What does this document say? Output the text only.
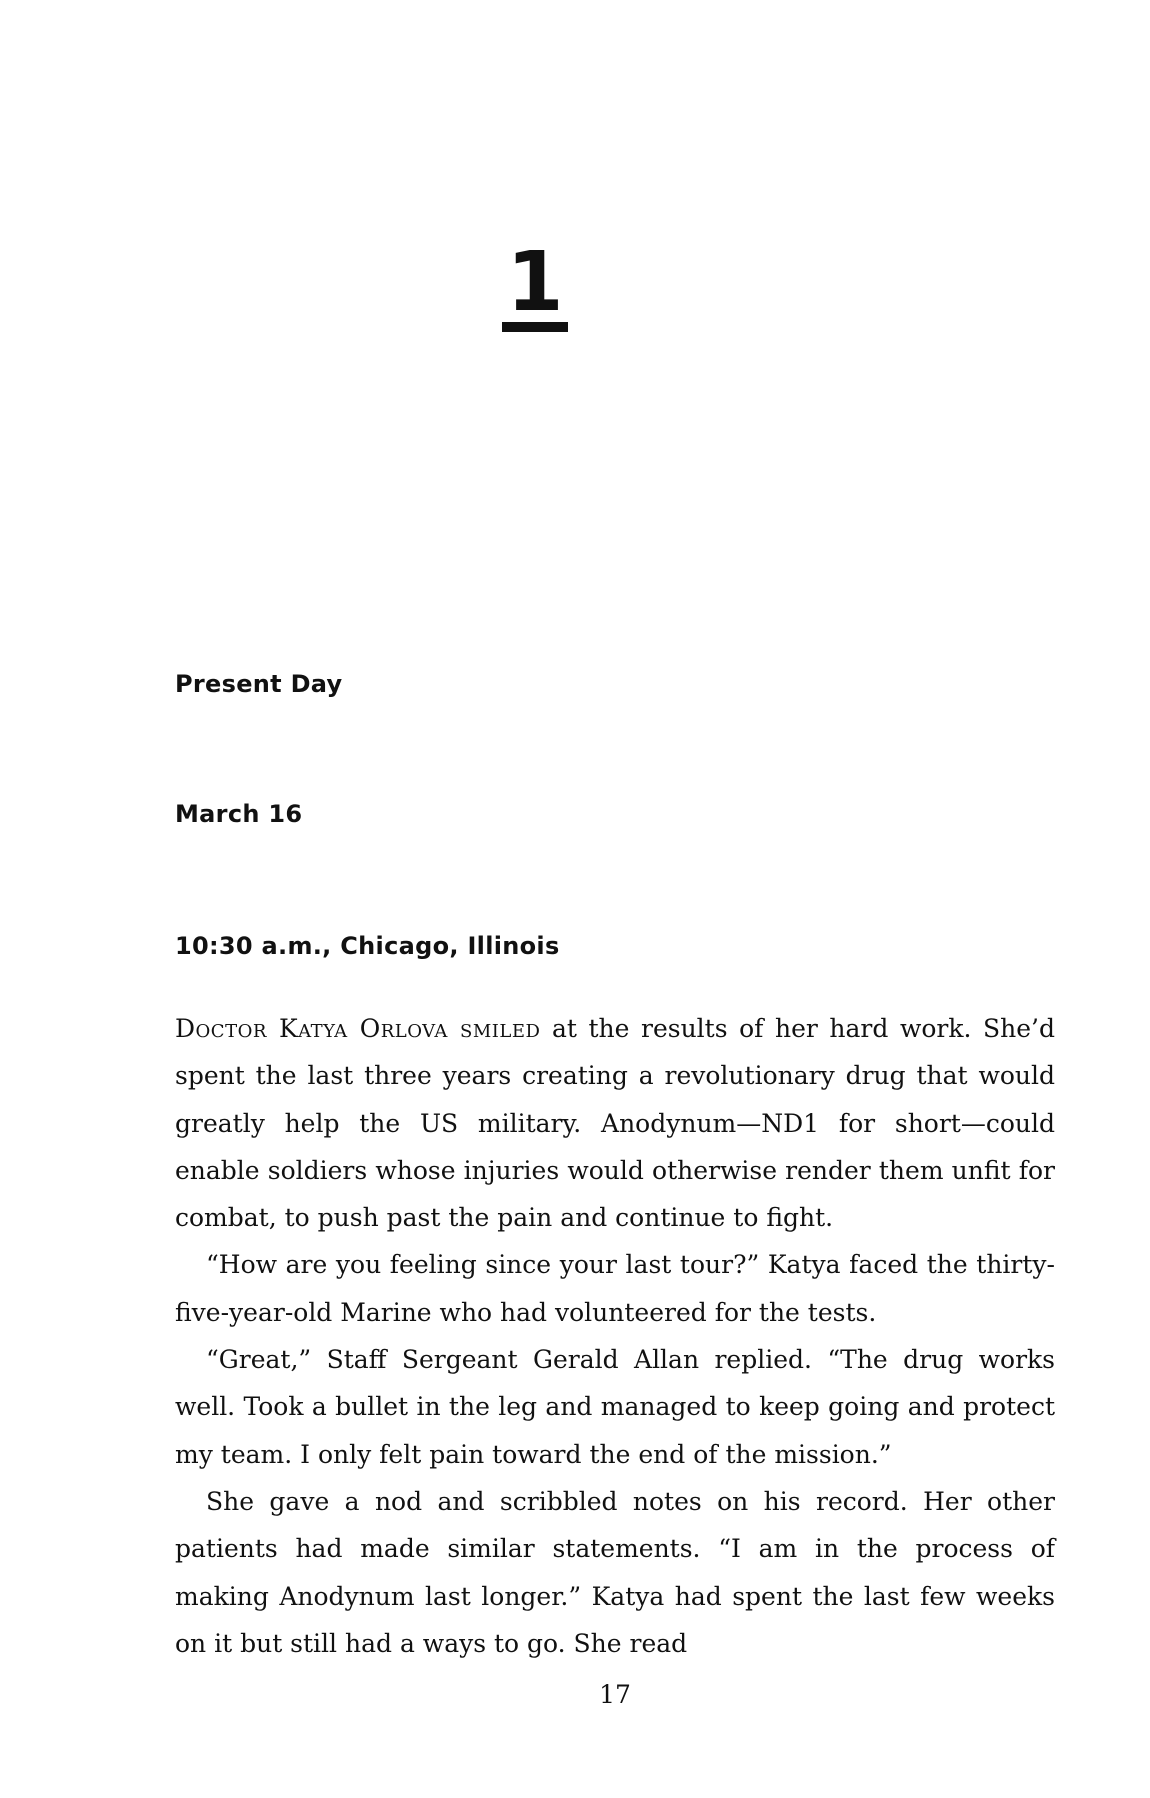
1
Present Day
March 16
10:30 a.m., Chicago, Illinois

Doctor Katya Orlova smiled at the results of her hard work. She’d spent the last three years creating a revolutionary drug that would greatly help the US military. Anodynum—ND1 for short—could enable soldiers whose injuries would otherwise render them unfit for combat, to push past the pain and continue to fight.

“How are you feeling since your last tour?” Katya faced the thirty-five-year-old Marine who had volunteered for the tests.

“Great,” Staff Sergeant Gerald Allan replied. “The drug works well. Took a bullet in the leg and managed to keep going and protect my team. I only felt pain toward the end of the mission.”

She gave a nod and scribbled notes on his record. Her other patients had made similar statements. “I am in the process of making Anodynum last longer.” Katya had spent the last few weeks on it but still had a ways to go. She read

17
